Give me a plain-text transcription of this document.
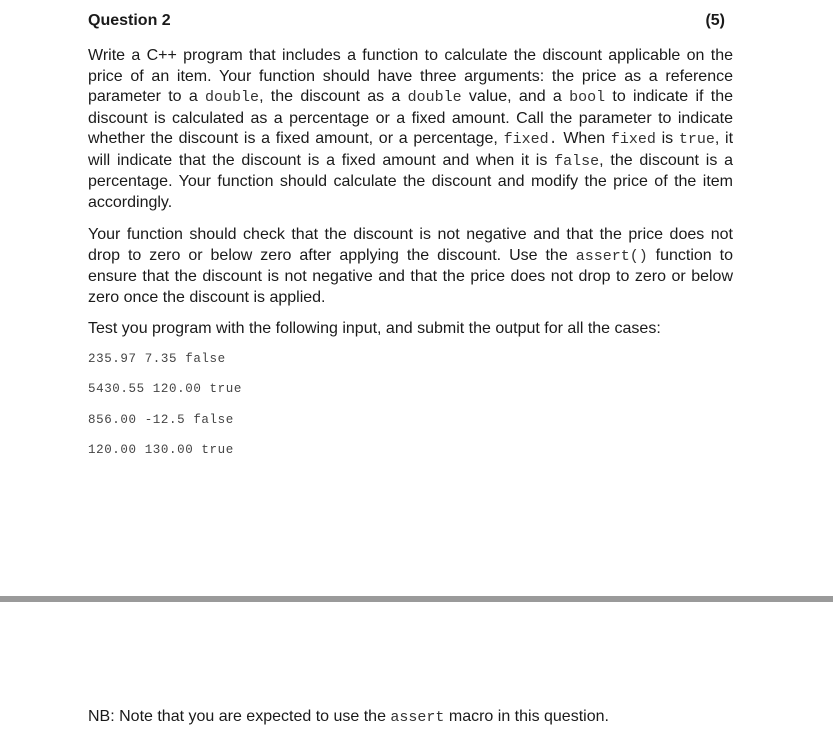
Question 2	(5)

Write a C++ program that includes a function to calculate the discount applicable on the price of an item. Your function should have three arguments: the price as a reference parameter to a double, the discount as a double value, and a bool to indicate if the discount is calculated as a percentage or a fixed amount. Call the parameter to indicate whether the discount is a fixed amount, or a percentage, fixed. When fixed is true, it will indicate that the discount is a fixed amount and when it is false, the discount is a percentage. Your function should calculate the discount and modify the price of the item accordingly.

Your function should check that the discount is not negative and that the price does not drop to zero or below zero after applying the discount. Use the assert() function to ensure that the discount is not negative and that the price does not drop to zero or below zero once the discount is applied.

Test you program with the following input, and submit the output for all the cases:

235.97 7.35 false
5430.55 120.00 true
856.00 -12.5 false
120.00 130.00 true
NB: Note that you are expected to use the assert macro in this question.
